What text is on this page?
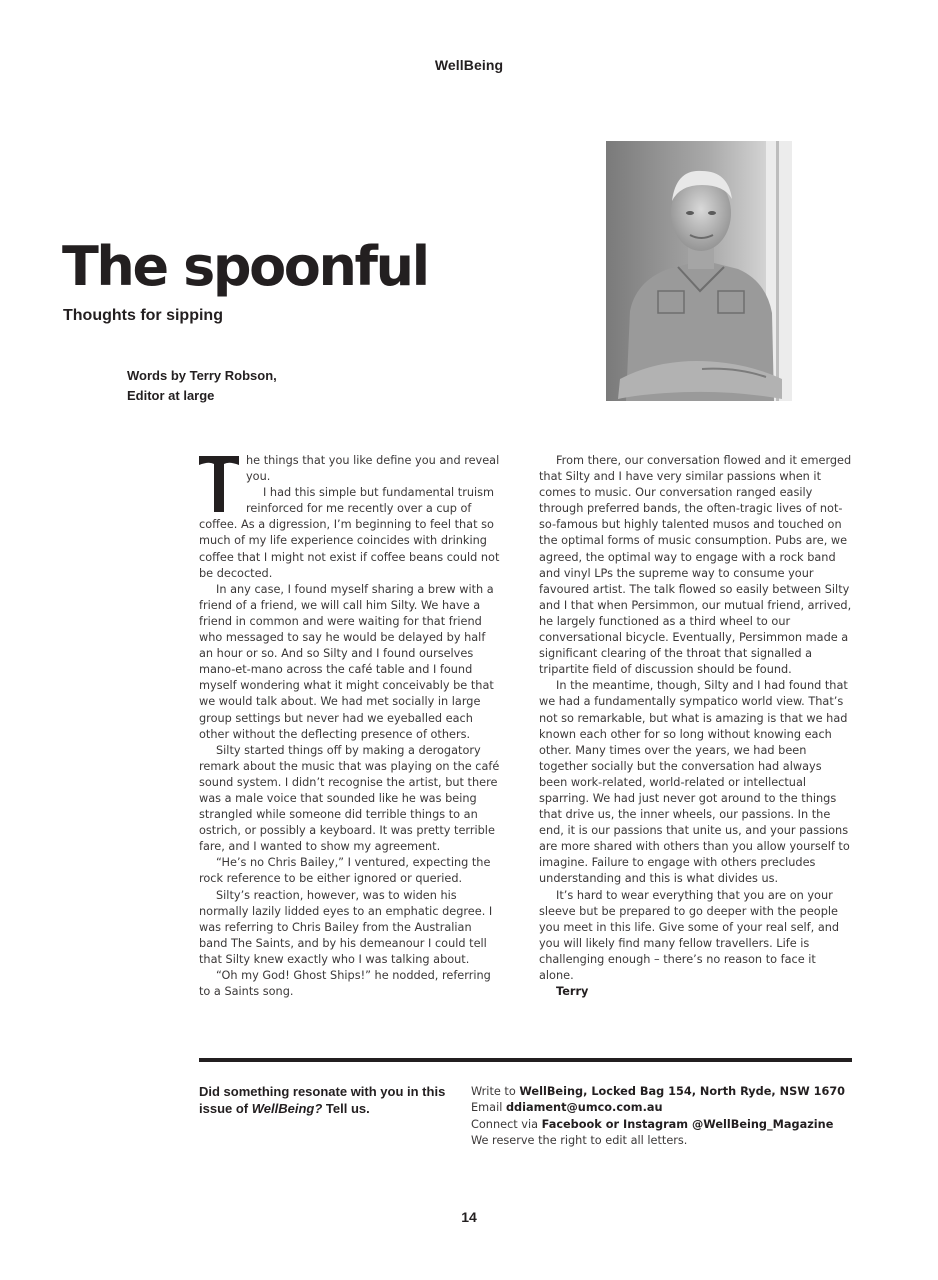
WellBeing
The spoonful
Thoughts for sipping
Words by Terry Robson,
Editor at large

T
he things that you like define you and reveal you.

I had this simple but fundamental truism reinforced for me recently over a cup of coffee. As a digression, I’m beginning to feel that so much of my life experience coincides with drinking coffee that I might not exist if coffee beans could not be decocted.

In any case, I found myself sharing a brew with a friend of a friend, we will call him Silty. We have a friend in common and were waiting for that friend who messaged to say he would be delayed by half an hour or so. And so Silty and I found ourselves mano-et-mano across the café table and I found myself wondering what it might conceivably be that we would talk about. We had met socially in large group settings but never had we eyeballed each other without the deflecting presence of others.

Silty started things off by making a derogatory remark about the music that was playing on the café sound system. I didn’t recognise the artist, but there was a male voice that sounded like he was being strangled while someone did terrible things to an ostrich, or possibly a keyboard. It was pretty terrible fare, and I wanted to show my agreement.

“He’s no Chris Bailey,” I ventured, expecting the rock reference to be either ignored or queried.

Silty’s reaction, however, was to widen his normally lazily lidded eyes to an emphatic degree. I was referring to Chris Bailey from the Australian band The Saints, and by his demeanour I could tell that Silty knew exactly who I was talking about.

“Oh my God! Ghost Ships!” he nodded, referring to a Saints song.

From there, our conversation flowed and it emerged that Silty and I have very similar passions when it comes to music. Our conversation ranged easily through preferred bands, the often-tragic lives of not-so-famous but highly talented musos and touched on the optimal forms of music consumption. Pubs are, we agreed, the optimal way to engage with a rock band and vinyl LPs the supreme way to consume your favoured artist. The talk flowed so easily between Silty and I that when Persimmon, our mutual friend, arrived, he largely functioned as a third wheel to our conversational bicycle. Eventually, Persimmon made a significant clearing of the throat that signalled a tripartite field of discussion should be found.

In the meantime, though, Silty and I had found that we had a fundamentally sympatico world view. That’s not so remarkable, but what is amazing is that we had known each other for so long without knowing each other. Many times over the years, we had been together socially but the conversation had always been work-related, world-related or intellectual sparring. We had just never got around to the things that drive us, the inner wheels, our passions. In the end, it is our passions that unite us, and your passions are more shared with others than you allow yourself to imagine. Failure to engage with others precludes understanding and this is what divides us.

It’s hard to wear everything that you are on your sleeve but be prepared to go deeper with the people you meet in this life. Give some of your real self, and you will likely find many fellow travellers. Life is challenging enough – there’s no reason to face it alone.

Terry

Did something resonate with you in this issue of WellBeing? Tell us.

Write to WellBeing, Locked Bag 154, North Ryde, NSW 1670
Email ddiament@umco.com.au
Connect via Facebook or Instagram @WellBeing_Magazine
We reserve the right to edit all letters.
14
